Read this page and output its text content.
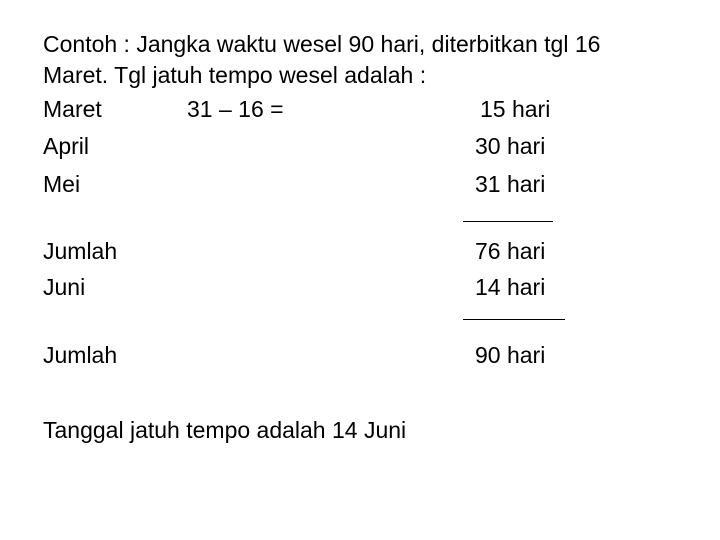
Contoh : Jangka waktu wesel 90 hari, diterbitkan tgl 16
Maret. Tgl jatuh tempo wesel adalah :
Maret	31 – 16 =	15 hari
April	30 hari
Mei	31 hari
Jumlah	76 hari
Juni	14 hari
Jumlah	90 hari
Tanggal jatuh tempo adalah 14 Juni
